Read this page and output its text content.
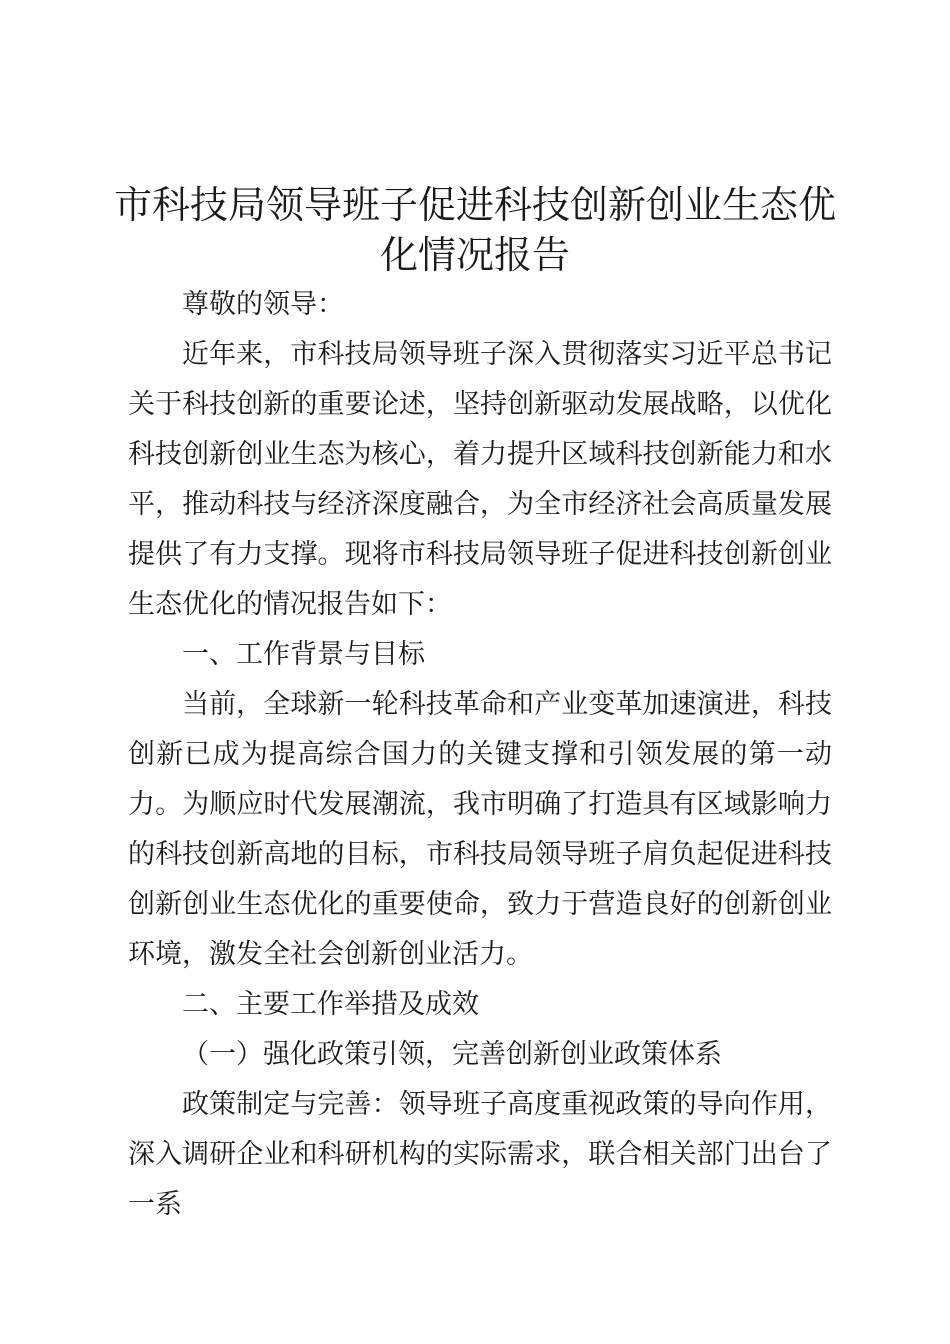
市科技局领导班子促进科技创新创业生态优化情况报告

尊敬的领导：

近年来，市科技局领导班子深入贯彻落实习近平总书记关于科技创新的重要论述，坚持创新驱动发展战略，以优化科技创新创业生态为核心，着力提升区域科技创新能力和水平，推动科技与经济深度融合，为全市经济社会高质量发展提供了有力支撑。现将市科技局领导班子促进科技创新创业生态优化的情况报告如下：

一、工作背景与目标

当前，全球新一轮科技革命和产业变革加速演进，科技创新已成为提高综合国力的关键支撑和引领发展的第一动力。为顺应时代发展潮流，我市明确了打造具有区域影响力的科技创新高地的目标，市科技局领导班子肩负起促进科技创新创业生态优化的重要使命，致力于营造良好的创新创业环境，激发全社会创新创业活力。

二、主要工作举措及成效

（一）强化政策引领，完善创新创业政策体系

政策制定与完善：领导班子高度重视政策的导向作用，深入调研企业和科研机构的实际需求，联合相关部门出台了一系
